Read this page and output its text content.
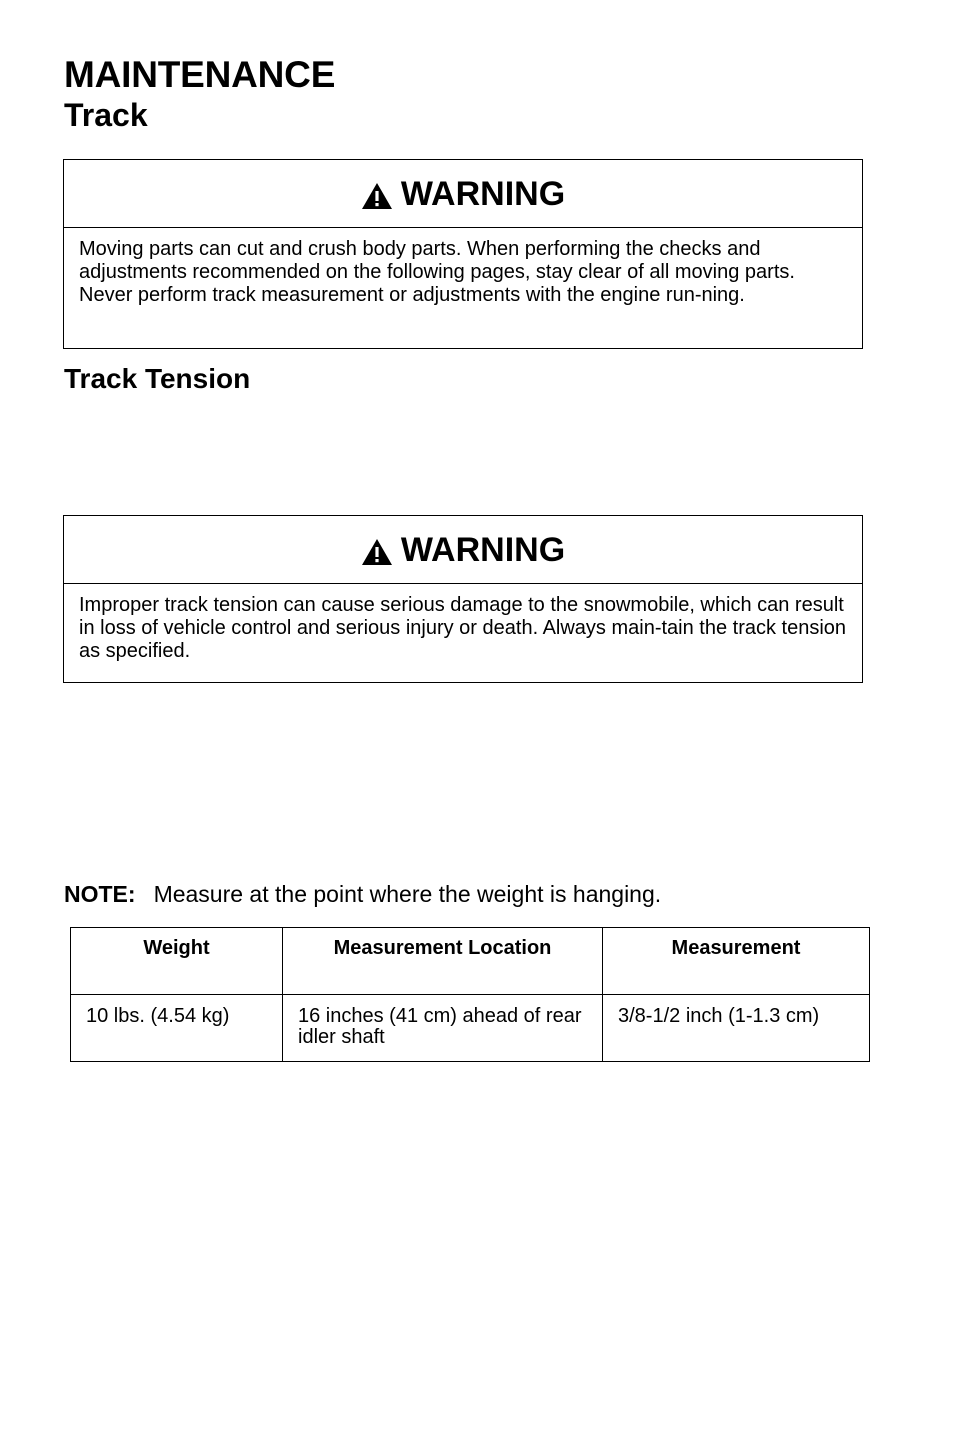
MAINTENANCE
Track
WARNING
Moving parts can cut and crush body parts. When performing the checks and adjustments recommended on the following pages, stay clear of all moving parts. Never perform track measurement or adjustments with the engine run-ning.
Track Tension
WARNING
Improper track tension can cause serious damage to the snowmobile, which can result in loss of vehicle control and serious injury or death. Always main-tain the track tension as specified.
NOTE: Measure at the point where the weight is hanging.
Weight	Measurement Location	Measurement
10 lbs. (4.54 kg)	16 inches (41 cm) ahead of rear idler shaft	3/8-1/2 inch (1-1.3 cm)
